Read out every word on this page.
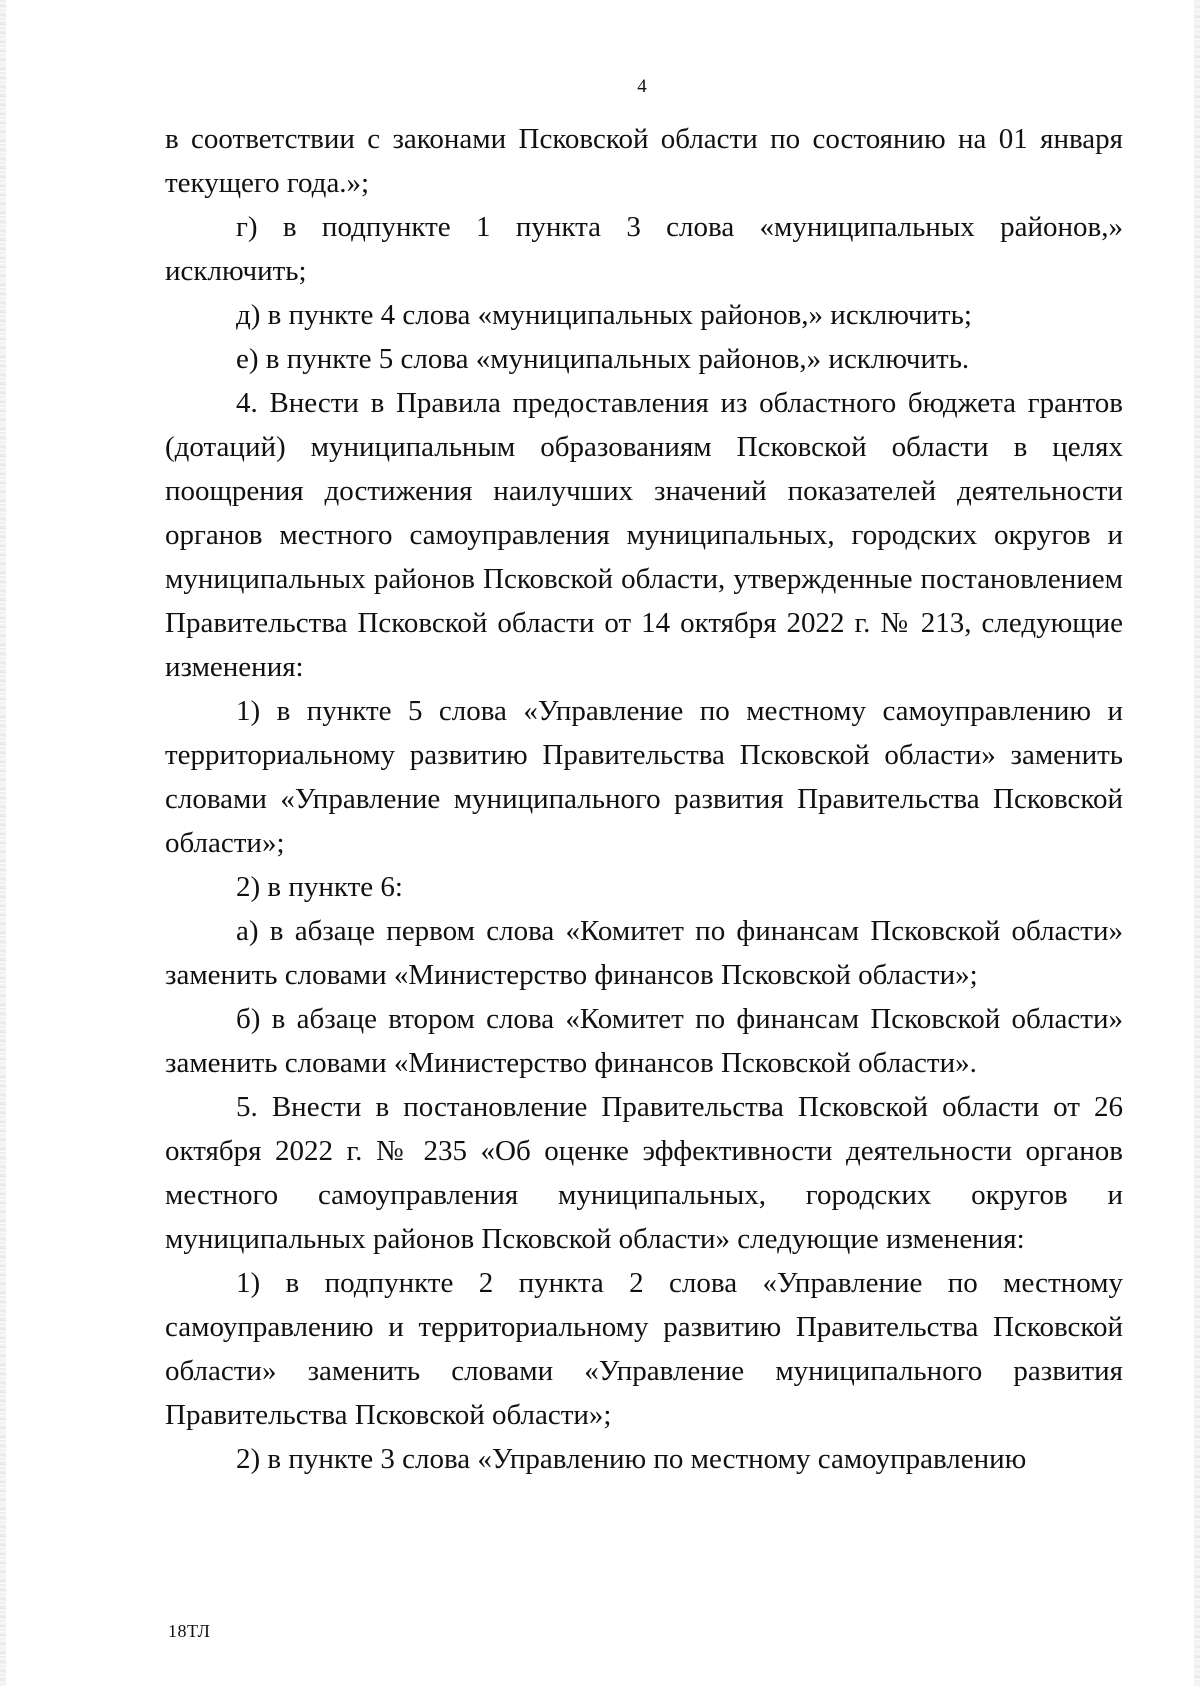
4

в соответствии с законами Псковской области по состоянию на 01 января текущего года.»;

г) в подпункте 1 пункта 3 слова «муниципальных районов,» исключить;

д) в пункте 4 слова «муниципальных районов,» исключить;

е) в пункте 5 слова «муниципальных районов,» исключить.

4. Внести в Правила предоставления из областного бюджета грантов (дотаций) муниципальным образованиям Псковской области в целях поощрения достижения наилучших значений показателей деятельности органов местного самоуправления муниципальных, городских округов и муниципальных районов Псковской области, утвержденные постановлением Правительства Псковской области от 14 октября 2022 г. № 213, следующие изменения:

1) в пункте 5 слова «Управление по местному самоуправлению и территориальному развитию Правительства Псковской области» заменить словами «Управление муниципального развития Правительства Псковской области»;

2) в пункте 6:

а) в абзаце первом слова «Комитет по финансам Псковской области» заменить словами «Министерство финансов Псковской области»;

б) в абзаце втором слова «Комитет по финансам Псковской области» заменить словами «Министерство финансов Псковской области».

5. Внести в постановление Правительства Псковской области от 26 октября 2022 г. № 235 «Об оценке эффективности деятельности органов местного самоуправления муниципальных, городских округов и муниципальных районов Псковской области» следующие изменения:

1) в подпункте 2 пункта 2 слова «Управление по местному самоуправлению и территориальному развитию Правительства Псковской области» заменить словами «Управление муниципального развития Правительства Псковской области»;

2) в пункте 3 слова «Управлению по местному самоуправлению

18ТЛ
